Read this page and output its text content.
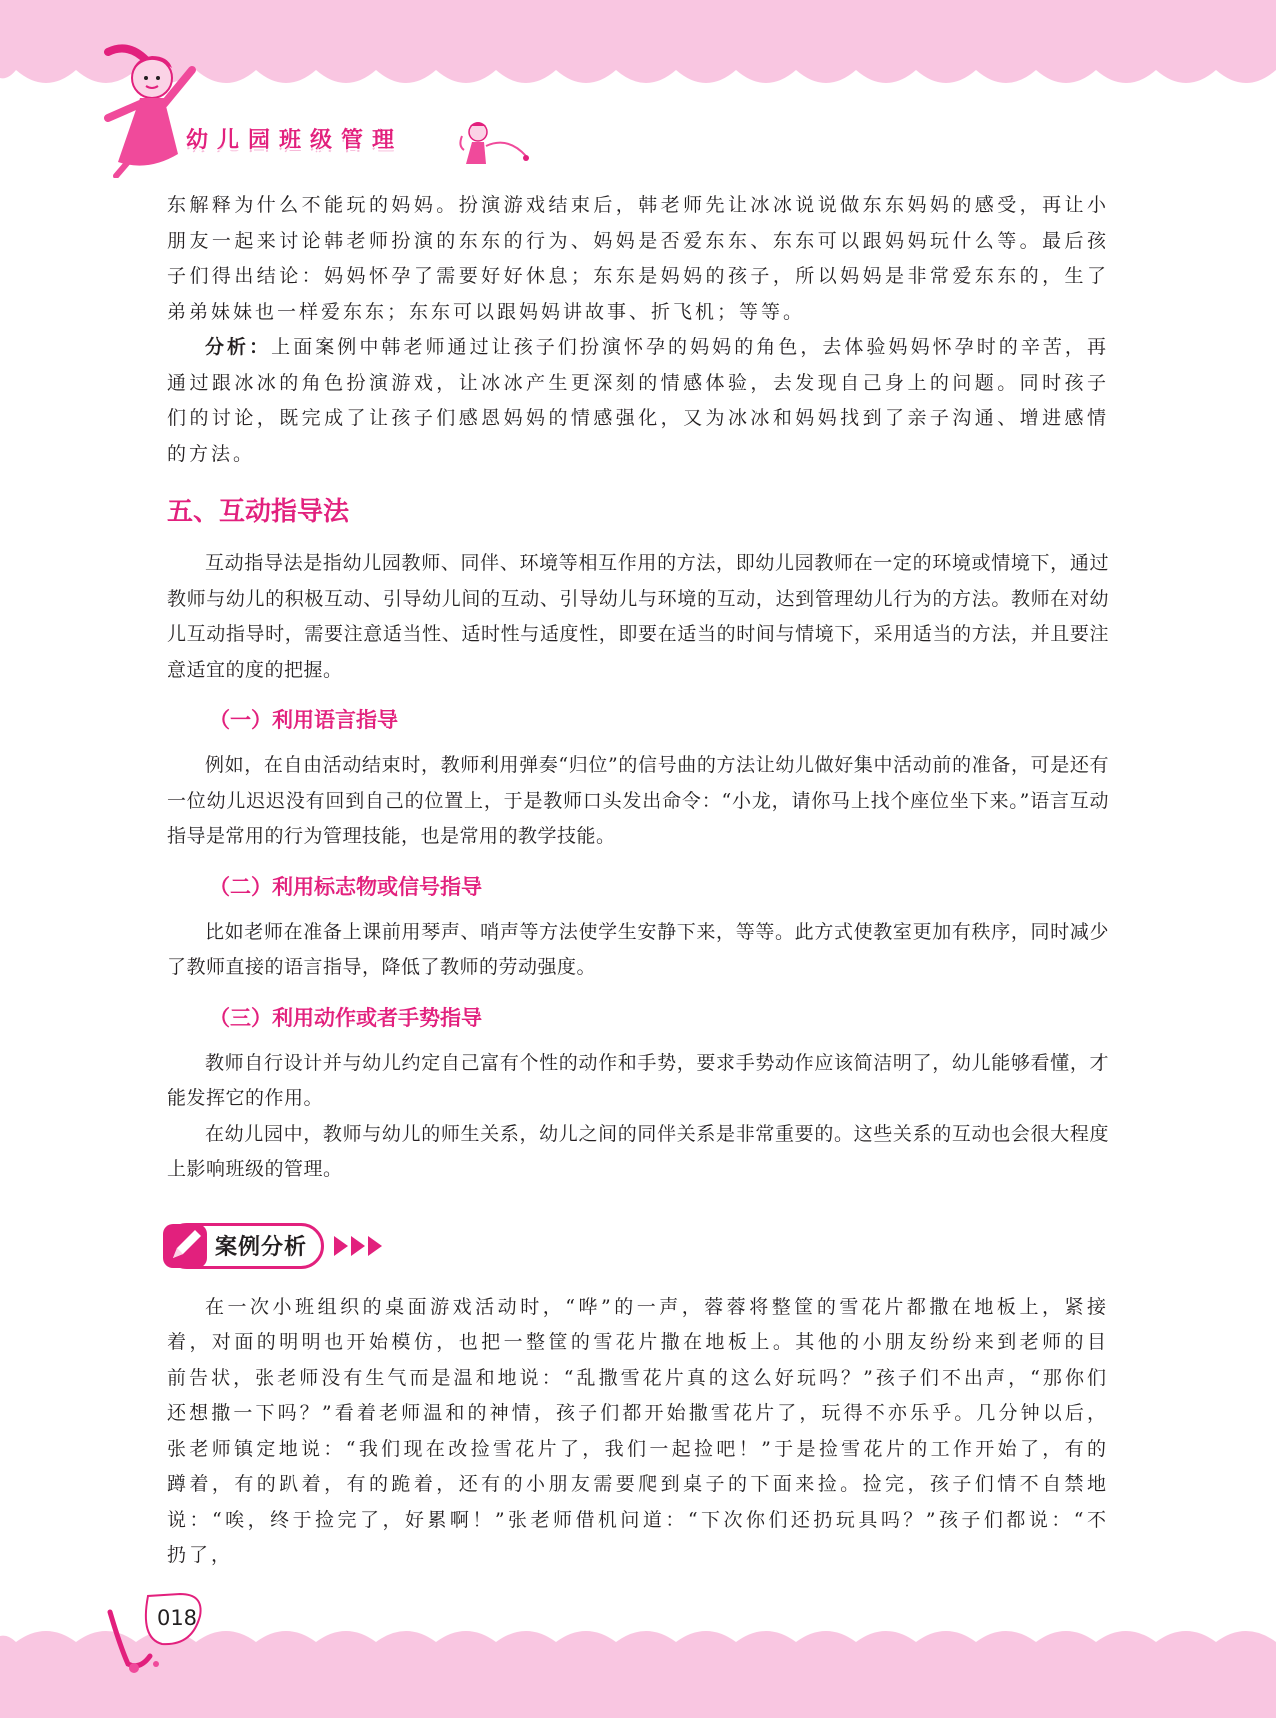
幼儿园班级管理

东解释为什么不能玩的妈妈。扮演游戏结束后，韩老师先让冰冰说说做东东妈妈的感受，再让小朋友一起来讨论韩老师扮演的东东的行为、妈妈是否爱东东、东东可以跟妈妈玩什么等。最后孩子们得出结论：妈妈怀孕了需要好好休息；东东是妈妈的孩子，所以妈妈是非常爱东东的，生了弟弟妹妹也一样爱东东；东东可以跟妈妈讲故事、折飞机；等等。

分析：上面案例中韩老师通过让孩子们扮演怀孕的妈妈的角色，去体验妈妈怀孕时的辛苦，再通过跟冰冰的角色扮演游戏，让冰冰产生更深刻的情感体验，去发现自己身上的问题。同时孩子们的讨论，既完成了让孩子们感恩妈妈的情感强化，又为冰冰和妈妈找到了亲子沟通、增进感情的方法。

五、互动指导法

互动指导法是指幼儿园教师、同伴、环境等相互作用的方法，即幼儿园教师在一定的环境或情境下，通过教师与幼儿的积极互动、引导幼儿间的互动、引导幼儿与环境的互动，达到管理幼儿行为的方法。教师在对幼儿互动指导时，需要注意适当性、适时性与适度性，即要在适当的时间与情境下，采用适当的方法，并且要注意适宜的度的把握。

（一）利用语言指导

例如，在自由活动结束时，教师利用弹奏“归位”的信号曲的方法让幼儿做好集中活动前的准备，可是还有一位幼儿迟迟没有回到自己的位置上，于是教师口头发出命令：“小龙，请你马上找个座位坐下来。”语言互动指导是常用的行为管理技能，也是常用的教学技能。

（二）利用标志物或信号指导

比如老师在准备上课前用琴声、哨声等方法使学生安静下来，等等。此方式使教室更加有秩序，同时减少了教师直接的语言指导，降低了教师的劳动强度。

（三）利用动作或者手势指导

教师自行设计并与幼儿约定自己富有个性的动作和手势，要求手势动作应该简洁明了，幼儿能够看懂，才能发挥它的作用。

在幼儿园中，教师与幼儿的师生关系，幼儿之间的同伴关系是非常重要的。这些关系的互动也会很大程度上影响班级的管理。

案例分析

在一次小班组织的桌面游戏活动时，“哗”的一声，蓉蓉将整筐的雪花片都撒在地板上，紧接着，对面的明明也开始模仿，也把一整筐的雪花片撒在地板上。其他的小朋友纷纷来到老师的目前告状，张老师没有生气而是温和地说：“乱撒雪花片真的这么好玩吗？”孩子们不出声，“那你们还想撒一下吗？”看着老师温和的神情，孩子们都开始撒雪花片了，玩得不亦乐乎。几分钟以后，张老师镇定地说：“我们现在改捡雪花片了，我们一起捡吧！”于是捡雪花片的工作开始了，有的蹲着，有的趴着，有的跪着，还有的小朋友需要爬到桌子的下面来捡。捡完，孩子们情不自禁地说：“唉，终于捡完了，好累啊！”张老师借机问道：“下次你们还扔玩具吗？”孩子们都说：“不扔了，

018
